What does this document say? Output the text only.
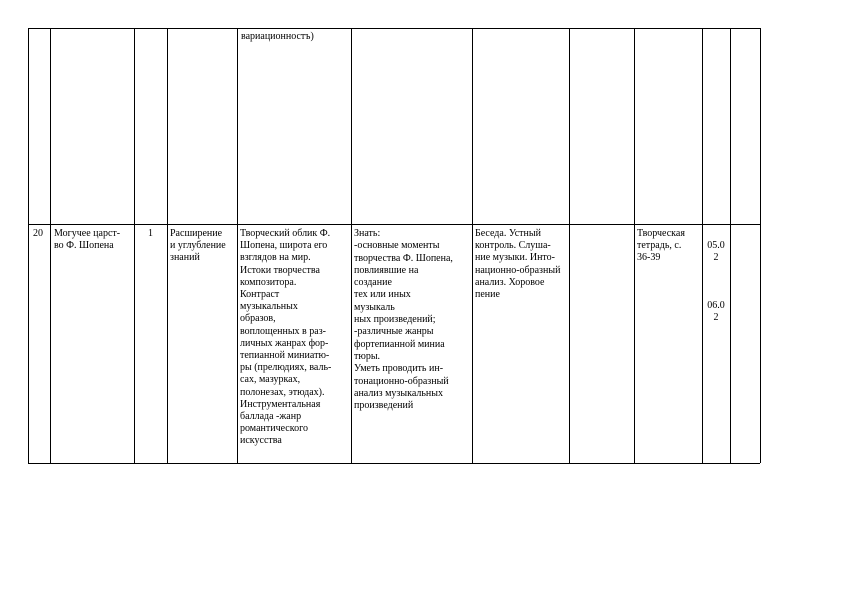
вариационностъ)
20 Могучее царст-
во Ф. Шопена
1	Расширение
и углубление
знаний
Творческий облик Ф.
Шопена, широта его
взглядов на мир.
Истоки творчества
композитора.
Контраст
музыкальных
образов,
воплощенных в раз-
личных жанрах фор-
тепианной миниатю-
ры (прелюдиях, валь-
сах, мазурках,
полонезах, этюдах).
Инструментальная
баллада -жанр
романтического
искусства
Знать:
-основные моменты
творчества Ф. Шопена,
повлиявшие на
создание
тех или иных
музыкаль
ных произведений;
-различные жанры
фортепианной миниа
тюры.
Уметь проводить ин-
тонационно-образный
анализ музыкальных
произведений
Беседа. Устный
контроль. Слуша-
ние музыки. Инто-
национно-образный
анализ. Хоровое
пение
Творческая
тетрадь, с.
36-39
05.0
2
06.0
2
